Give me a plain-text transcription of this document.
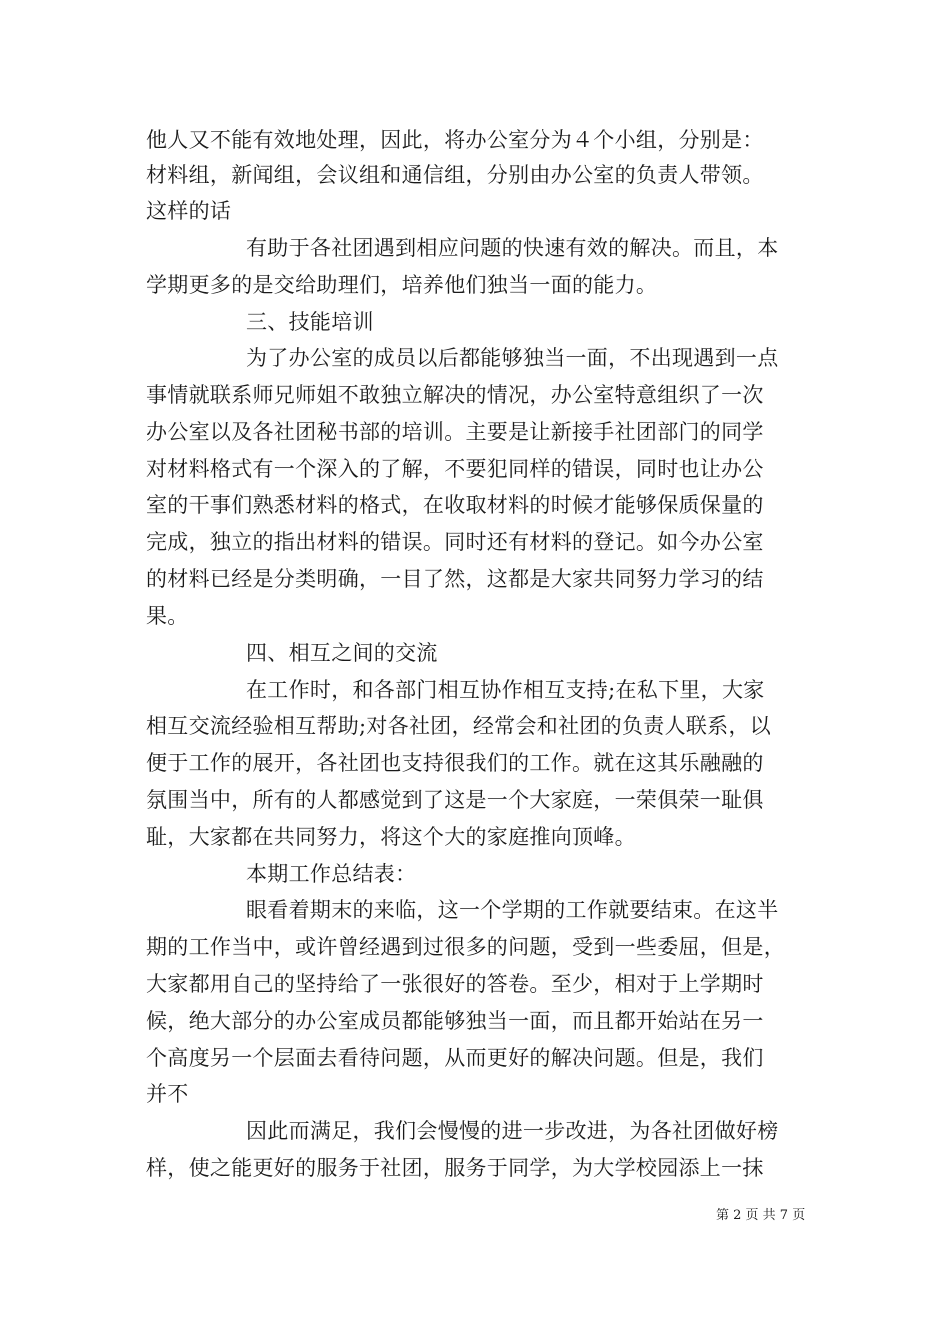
他人又不能有效地处理，因此，将办公室分为４个小组，分别是：
材料组，新闻组，会议组和通信组，分别由办公室的负责人带领。
这样的话
有助于各社团遇到相应问题的快速有效的解决。而且，本
学期更多的是交给助理们，培养他们独当一面的能力。
三、技能培训
为了办公室的成员以后都能够独当一面，不出现遇到一点
事情就联系师兄师姐不敢独立解决的情况，办公室特意组织了一次
办公室以及各社团秘书部的培训。主要是让新接手社团部门的同学
对材料格式有一个深入的了解，不要犯同样的错误，同时也让办公
室的干事们熟悉材料的格式，在收取材料的时候才能够保质保量的
完成，独立的指出材料的错误。同时还有材料的登记。如今办公室
的材料已经是分类明确，一目了然，这都是大家共同努力学习的结
果。
四、相互之间的交流
在工作时，和各部门相互协作相互支持;在私下里，大家
相互交流经验相互帮助;对各社团，经常会和社团的负责人联系，以
便于工作的展开，各社团也支持很我们的工作。就在这其乐融融的
氛围当中，所有的人都感觉到了这是一个大家庭，一荣俱荣一耻俱
耻，大家都在共同努力，将这个大的家庭推向顶峰。
本期工作总结表：
眼看着期末的来临，这一个学期的工作就要结束。在这半
期的工作当中，或许曾经遇到过很多的问题，受到一些委屈，但是，
大家都用自己的坚持给了一张很好的答卷。至少，相对于上学期时
候，绝大部分的办公室成员都能够独当一面，而且都开始站在另一
个高度另一个层面去看待问题，从而更好的解决问题。但是，我们
并不
因此而满足，我们会慢慢的进一步改进，为各社团做好榜
样，使之能更好的服务于社团，服务于同学，为大学校园添上一抹
第 2 页 共 7 页
